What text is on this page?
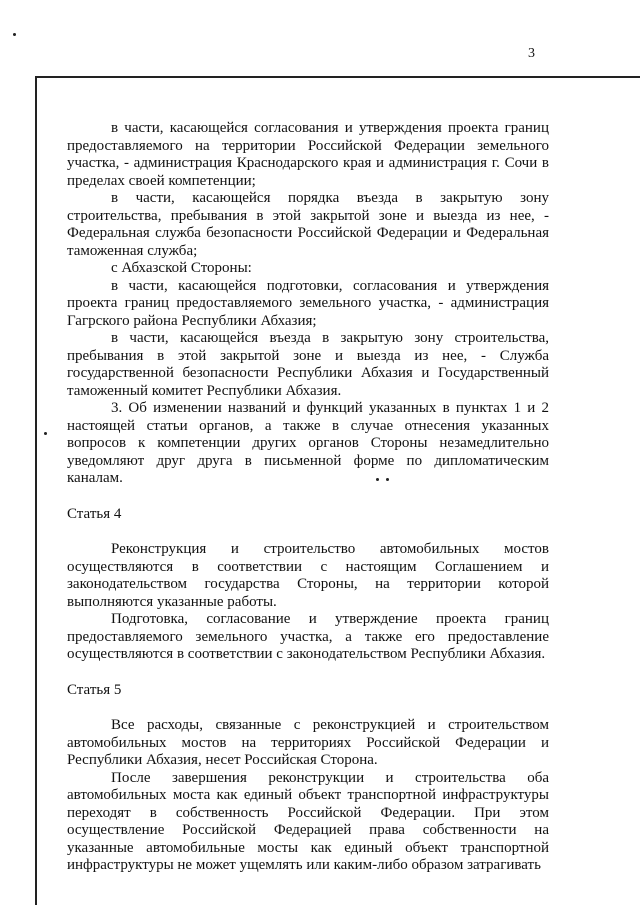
3

в части, касающейся согласования и утверждения проекта границ предоставляемого на территории Российской Федерации земельного участка, - администрация Краснодарского края и администрация г. Сочи в пределах своей компетенции;

в части, касающейся порядка въезда в закрытую зону строительства, пребывания в этой закрытой зоне и выезда из нее, - Федеральная служба безопасности Российской Федерации и Федеральная таможенная служба;

с Абхазской Стороны:

в части, касающейся подготовки, согласования и утверждения проекта границ предоставляемого земельного участка, - администрация Гагрского района Республики Абхазия;

в части, касающейся въезда в закрытую зону строительства, пребывания в этой закрытой зоне и выезда из нее, - Служба государственной безопасности Республики Абхазия и Государственный таможенный комитет Республики Абхазия.

3. Об изменении названий и функций указанных в пунктах 1 и 2 настоящей статьи органов, а также в случае отнесения указанных вопросов к компетенции других органов Стороны незамедлительно уведомляют друг друга в письменной форме по дипломатическим каналам.

Статья 4

Реконструкция и строительство автомобильных мостов осуществляются в соответствии с настоящим Соглашением и законодательством государства Стороны, на территории которой выполняются указанные работы.

Подготовка, согласование и утверждение проекта границ предоставляемого земельного участка, а также его предоставление осуществляются в соответствии с законодательством Республики Абхазия.

Статья 5

Все расходы, связанные с реконструкцией и строительством автомобильных мостов на территориях Российской Федерации и Республики Абхазия, несет Российская Сторона.

После завершения реконструкции и строительства оба автомобильных моста как единый объект транспортной инфраструктуры переходят в собственность Российской Федерации. При этом осуществление Российской Федерацией права собственности на указанные автомобильные мосты как единый объект транспортной инфраструктуры не может ущемлять или каким-либо образом затрагивать
